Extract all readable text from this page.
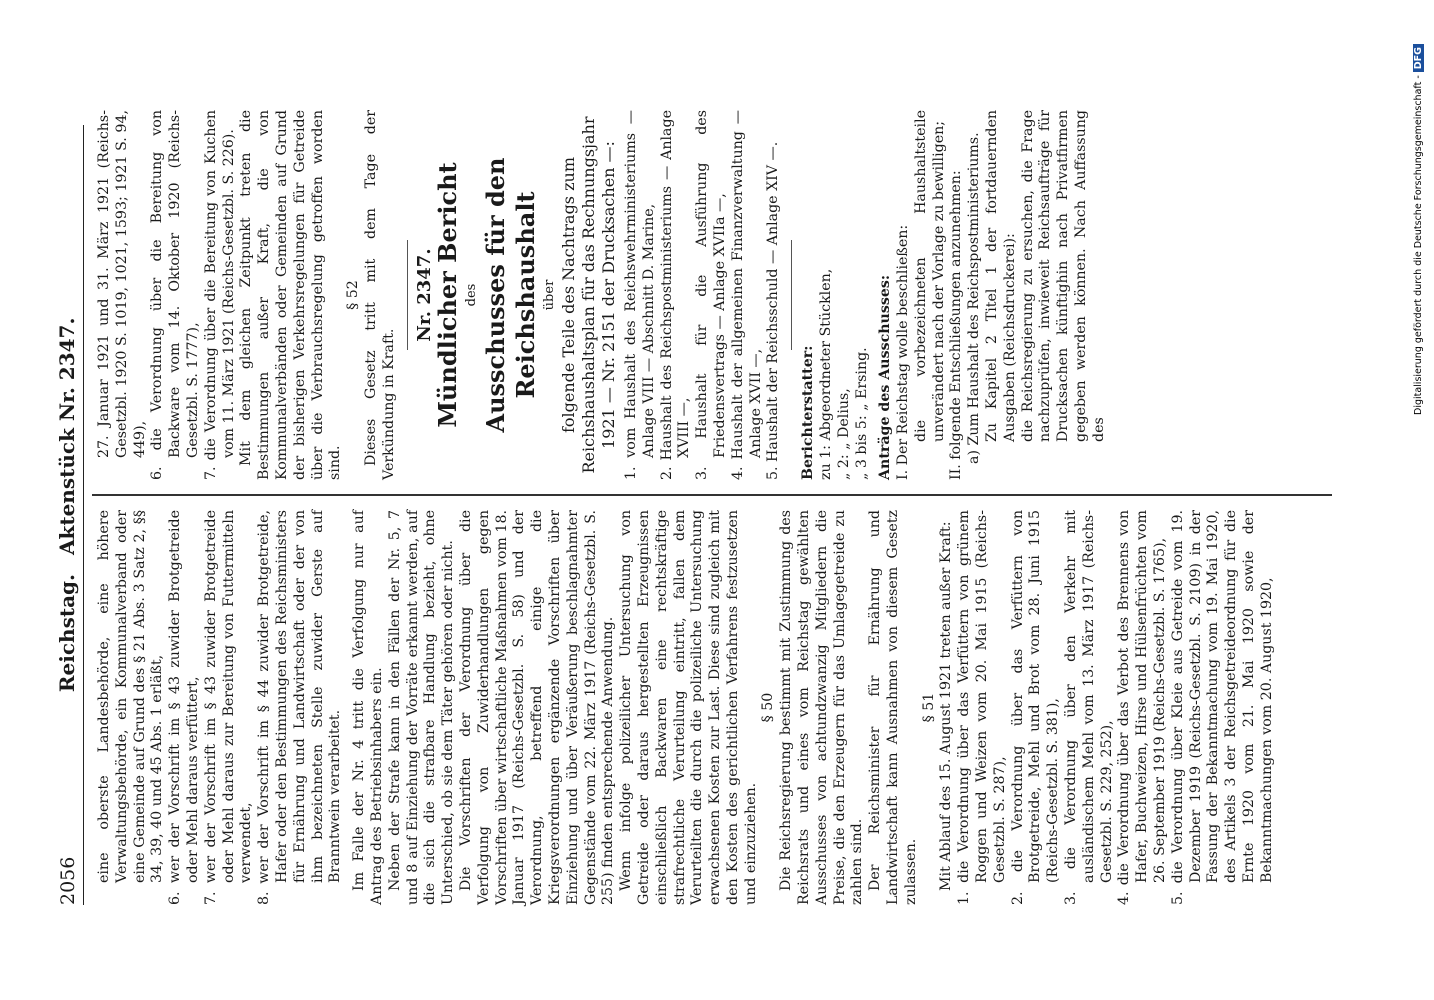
2056
Reichstag. Aktenstück Nr. 2347.

eine oberste Landesbehörde, eine höhere Verwaltungsbehörde, ein Kommunalverband oder eine Gemeinde auf Grund des § 21 Abs. 3 Satz 2, §§ 34, 39, 40 und 45 Abs. 1 erläßt, 6. wer der Vorschrift im § 43 zuwider Brotgetreide oder Mehl daraus verfüttert, 7. wer der Vorschrift im § 43 zuwider Brotgetreide oder Mehl daraus zur Bereitung von Futtermitteln verwendet, 8. wer der Vorschrift im § 44 zuwider Brotgetreide, Hafer oder den Bestimmungen des Reichsministers für Ernährung und Landwirtschaft oder der von ihm bezeichneten Stelle zuwider Gerste auf Branntwein verarbeitet. Im Falle der Nr. 4 tritt die Verfolgung nur auf Antrag des Betriebsinhabers ein. Neben der Strafe kann in den Fällen der Nr. 5, 7 und 8 auf Einziehung der Vorräte erkannt werden, auf die sich die strafbare Handlung bezieht, ohne Unterschied, ob sie dem Täter gehören oder nicht. Die Vorschriften der Verordnung über die Verfolgung von Zuwiderhandlungen gegen Vorschriften über wirtschaftliche Maßnahmen vom 18. Januar 1917 (Reichs-Gesetzbl. S. 58) und der Verordnung, betreffend einige die Kriegsverordnungen ergänzende Vorschriften über Einziehung und über Veräußerung beschlagnahmter Gegenstände vom 22. März 1917 (Reichs-Gesetzbl. S. 255) finden entsprechende Anwendung. Wenn infolge polizeilicher Untersuchung von Getreide oder daraus hergestellten Erzeugnissen einschließlich Backwaren eine rechtskräftige strafrechtliche Verurteilung eintritt, fallen dem Verurteilten die durch die polizeiliche Untersuchung erwachsenen Kosten zur Last. Diese sind zugleich mit den Kosten des gerichtlichen Verfahrens festzusetzen und einzuziehen.

§ 50 Die Reichsregierung bestimmt mit Zustimmung des Reichsrats und eines vom Reichstag gewählten Ausschusses von achtundzwanzig Mitgliedern die Preise, die den Erzeugern für das Umlagegetreide zu zahlen sind. Der Reichsminister für Ernährung und Landwirtschaft kann Ausnahmen von diesem Gesetz zulassen.

§ 51 Mit Ablauf des 15. August 1921 treten außer Kraft: 1. die Verordnung über das Verfüttern von grünem Roggen und Weizen vom 20. Mai 1915 (Reichs-Gesetzbl. S. 287), 2. die Verordnung über das Verfüttern von Brotgetreide, Mehl und Brot vom 28. Juni 1915 (Reichs-Gesetzbl. S. 381), 3. die Verordnung über den Verkehr mit ausländischem Mehl vom 13. März 1917 (Reichs-Gesetzbl. S. 229, 252), 4. die Verordnung über das Verbot des Brennens von Hafer, Buchweizen, Hirse und Hülsenfrüchten vom 26. September 1919 (Reichs-Gesetzbl. S. 1765), 5. die Verordnung über Kleie aus Getreide vom 19. Dezember 1919 (Reichs-Gesetzbl. S. 2109) in der Fassung der Bekanntmachung vom 19. Mai 1920, des Artikels 3 der Reichsgetreideordnung für die Ernte 1920 vom 21. Mai 1920 sowie der Bekanntmachungen vom 20. August 1920,

27. Januar 1921 und 31. März 1921 (Reichs-Gesetzbl. 1920 S. 1019, 1021, 1593; 1921 S. 94, 449), 6. die Verordnung über die Bereitung von Backware vom 14. Oktober 1920 (Reichs-Gesetzbl. S. 1777), 7. die Verordnung über die Bereitung von Kuchen vom 11. März 1921 (Reichs-Gesetzbl. S. 226). Mit dem gleichen Zeitpunkt treten die Bestimmungen außer Kraft, die von Kommunalverbänden oder Gemeinden auf Grund der bisherigen Verkehrsregelungen für Getreide über die Verbrauchsregelung getroffen worden sind.

§ 52 Dieses Gesetz tritt mit dem Tage der Verkündung in Kraft.

Nr. 2347.

Mündlicher Bericht des Ausschusses für den Reichshaushalt über folgende Teile des Nachtrags zum Reichshaushaltsplan für das Rechnungsjahr 1921 — Nr. 2151 der Drucksachen —: 1. vom Haushalt des Reichswehrministeriums — Anlage VIII — Abschnitt D. Marine, 2. Haushalt des Reichspostministeriums — Anlage XVIII —, 3. Haushalt für die Ausführung des Friedensvertrags — Anlage XVIIa —, 4. Haushalt der allgemeinen Finanzverwaltung — Anlage XVII —, 5. Haushalt der Reichsschuld — Anlage XIV —. Berichterstatter: zu 1: Abgeordneter Stücklen, „ 2: „ Delius, „ 3 bis 5: „ Ersing. Anträge des Ausschusses: I. Der Reichstag wolle beschließen: die vorbezeichneten Haushaltsteile unverändert nach der Vorlage zu bewilligen; II. folgende Entschließungen anzunehmen: a) Zum Haushalt des Reichspostministeriums. Zu Kapitel 2 Titel 1 der fortdauernden Ausgaben (Reichsdruckerei): die Reichsregierung zu ersuchen, die Frage nachzuprüfen, inwieweit Reichsaufträge für Drucksachen künftighin nach Privatfirmen gegeben werden können. Nach Auffassung des

Digitalisierung gefördert durch die Deutsche Forschungsgemeinschaft - DFG
